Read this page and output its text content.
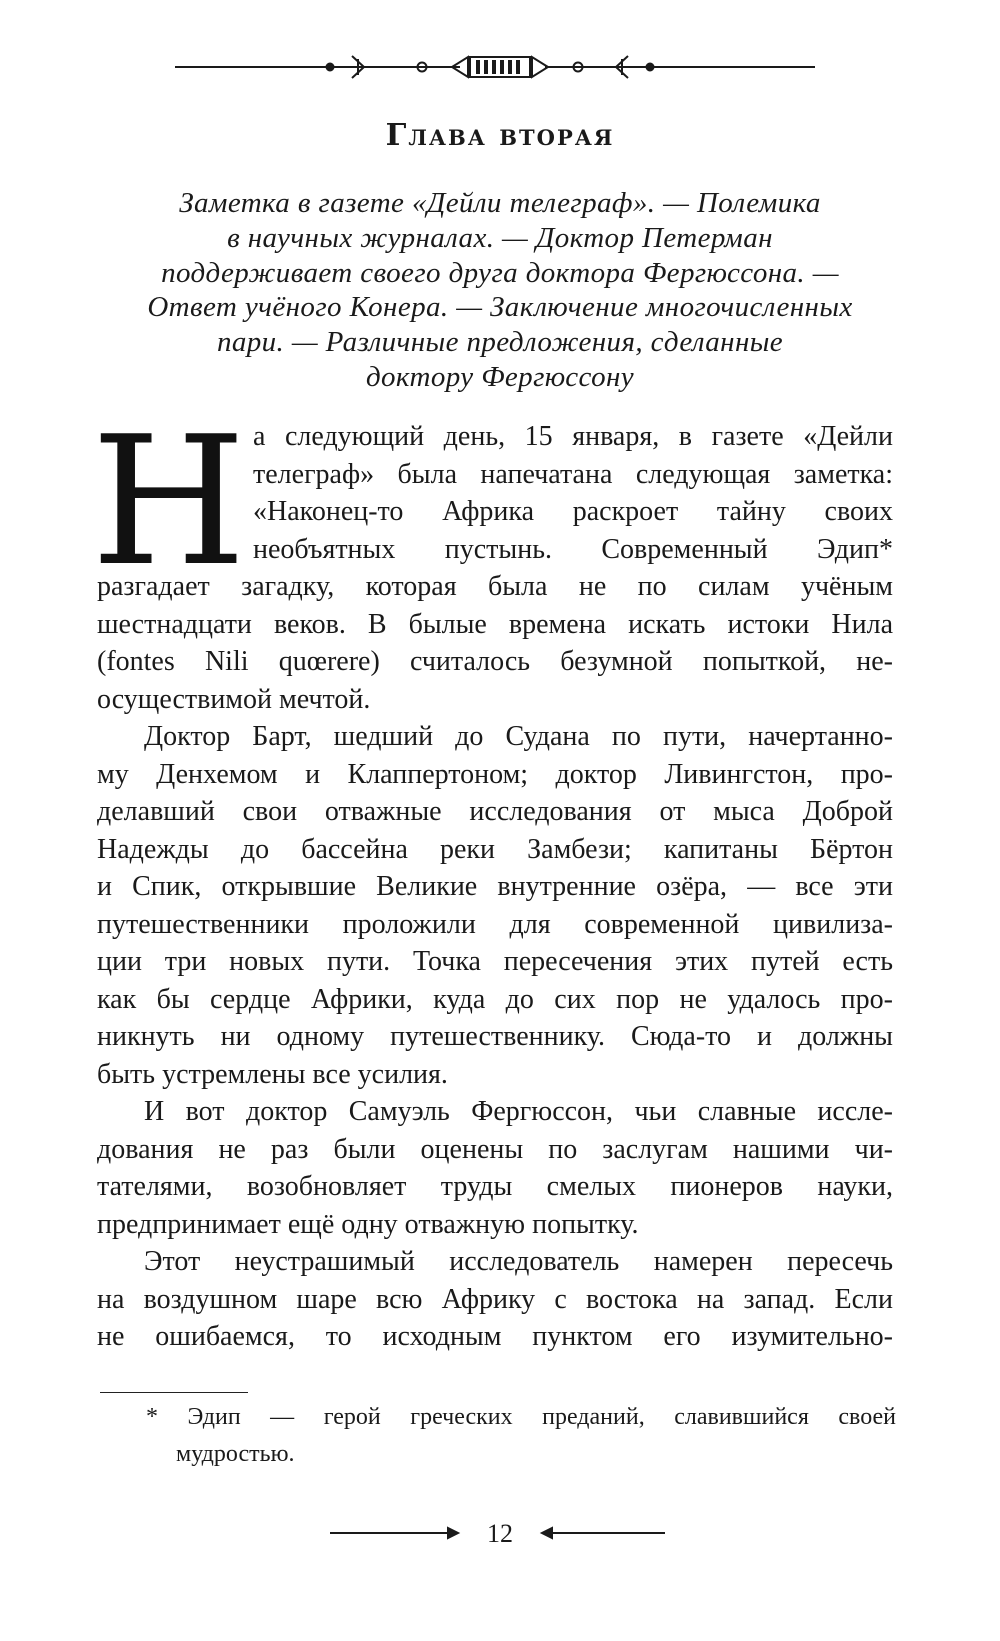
Глава вторая
Заметка в газете «Дейли телеграф». — Полемика
в научных журналах. — Доктор Петерман
поддерживает своего друга доктора Фергюссона. —
Ответ учёного Конера. — Заключение многочисленных
пари. — Различные предложения, сделанные
доктору Фергюссону
Н а следующий день, 15 января, в газете «Дейли
телеграф» была напечатана следующая заметка:
«Наконец-то Африка раскроет тайну своих
необъятных пустынь. Современный Эдип*
разгадает загадку, которая была не по силам учёным
шестнадцати веков. В былые времена искать истоки Нила
(fontes Nili quœrere) считалось безумной попыткой, не-
осуществимой мечтой.
Доктор Барт, шедший до Судана по пути, начертанно-
му Денхемом и Клаппертоном; доктор Ливингстон, про-
делавший свои отважные исследования от мыса Доброй
Надежды до бассейна реки Замбези; капитаны Бёртон
и Спик, открывшие Великие внутренние озёра, — все эти
путешественники проложили для современной цивилиза-
ции три новых пути. Точка пересечения этих путей есть
как бы сердце Африки, куда до сих пор не удалось про-
никнуть ни одному путешественнику. Сюда-то и должны
быть устремлены все усилия.
И вот доктор Самуэль Фергюссон, чьи славные иссле-
дования не раз были оценены по заслугам нашими чи-
тателями, возобновляет труды смелых пионеров науки,
предпринимает ещё одну отважную попытку.
Этот неустрашимый исследователь намерен пересечь
на воздушном шаре всю Африку с востока на запад. Если
не ошибаемся, то исходным пунктом его изумительно-
* Эдип — герой греческих преданий, славившийся своей
мудростью.
12
